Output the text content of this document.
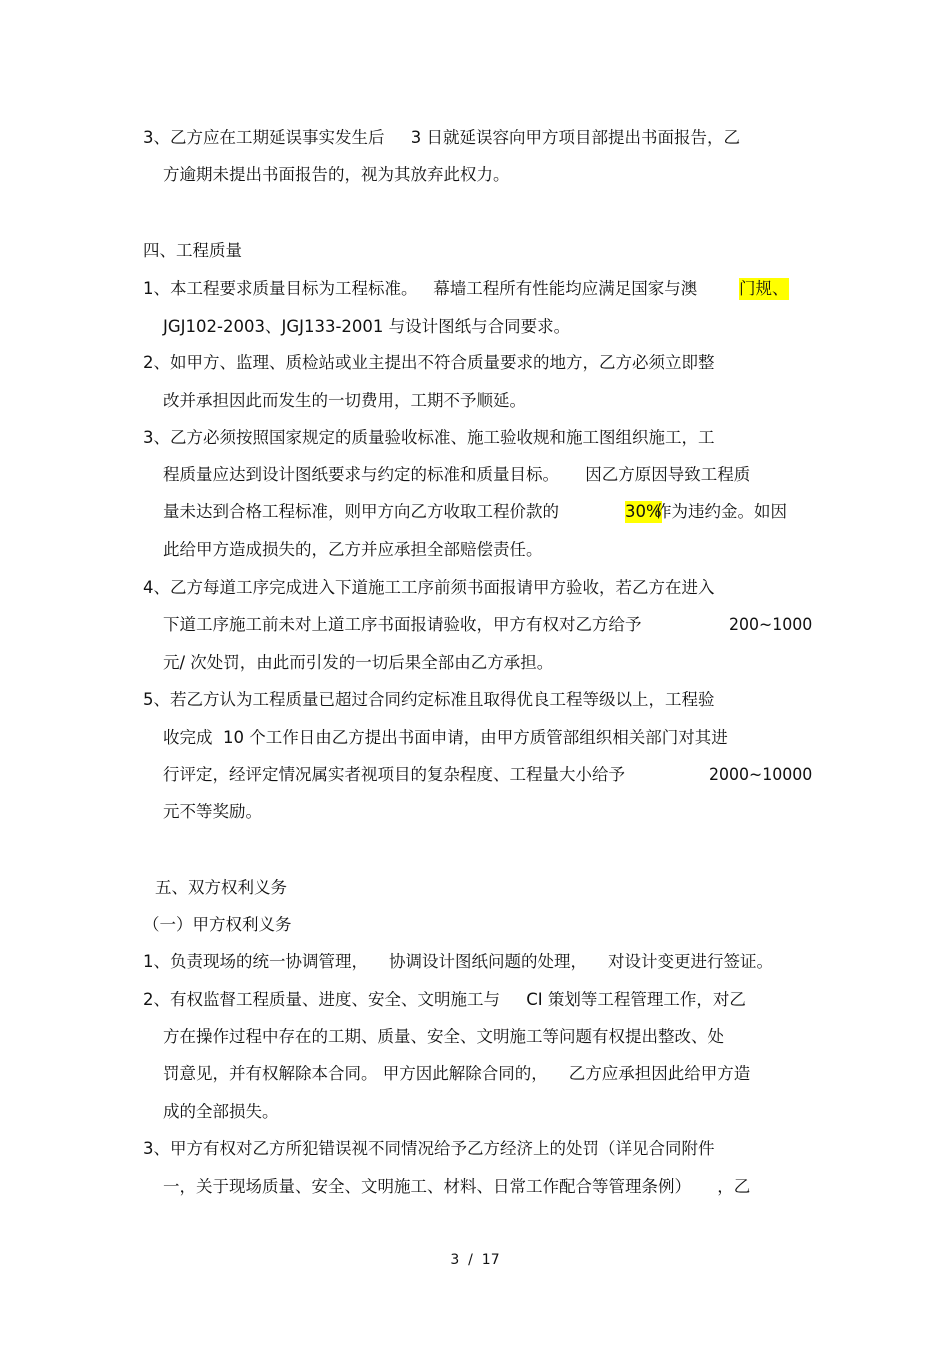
3、乙方应在工期延误事实发生后     3 日就延误容向甲方项目部提出书面报告，乙
方逾期未提出书面报告的，视为其放弃此权力。
四、工程质量
1、本工程要求质量目标为工程标准。   幕墙工程所有性能均应满足国家与澳	门规、
JGJ102-2003、JGJ133-2001 与设计图纸与合同要求。
2、如甲方、监理、质检站或业主提出不符合质量要求的地方，乙方必须立即整
改并承担因此而发生的一切费用，工期不予顺延。
3、乙方必须按照国家规定的质量验收标准、施工验收规和施工图组织施工，工
程质量应达到设计图纸要求与约定的标准和质量目标。     因乙方原因导致工程质
量未达到合格工程标准，则甲方向乙方收取工程价款的	30%
作为违约金。如因
此给甲方造成损失的，乙方并应承担全部赔偿责任。
4、乙方每道工序完成进入下道施工工序前须书面报请甲方验收，若乙方在进入
下道工序施工前未对上道工序书面报请验收，甲方有权对乙方给予	200~1000
元/ 次处罚，由此而引发的一切后果全部由乙方承担。
5、若乙方认为工程质量已超过合同约定标准且取得优良工程等级以上，工程验
收完成  10 个工作日由乙方提出书面申请，由甲方质管部组织相关部门对其进
行评定，经评定情况属实者视项目的复杂程度、工程量大小给予	2000~10000
元不等奖励。
五、双方权利义务
（一）甲方权利义务
1、负责现场的统一协调管理，    协调设计图纸问题的处理，    对设计变更进行签证。
2、有权监督工程质量、进度、安全、文明施工与     CI 策划等工程管理工作，对乙
方在操作过程中存在的工期、质量、安全、文明施工等问题有权提出整改、处
罚意见，并有权解除本合同。 甲方因此解除合同的，    乙方应承担因此给甲方造
成的全部损失。
3、甲方有权对乙方所犯错误视不同情况给予乙方经济上的处罚（详见合同附件
一，关于现场质量、安全、文明施工、材料、日常工作配合等管理条例）     ，乙
3  /  17
